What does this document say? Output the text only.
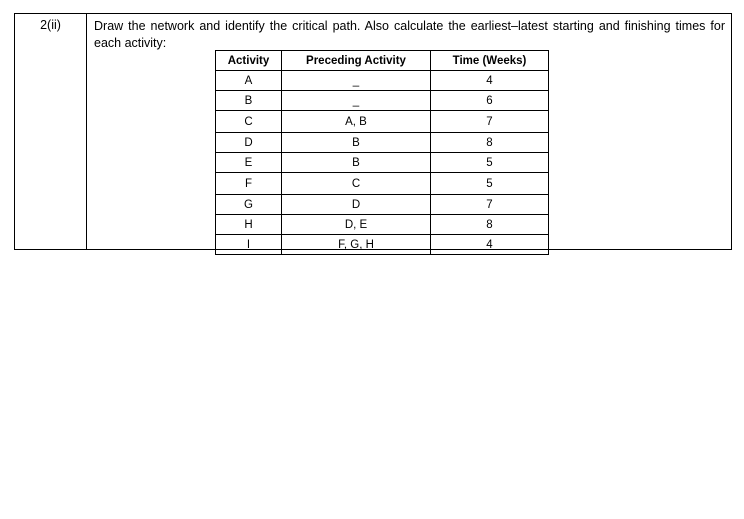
2(ii)	Draw the network and identify the critical path. Also calculate the earliest–latest starting and finishing times for each activity:
Activity	Preceding Activity	Time (Weeks)
A	_	4
B	_	6
C	A, B	7
D	B	8
E	B	5
F	C	5
G	D	7
H	D, E	8
I	F, G, H	4
